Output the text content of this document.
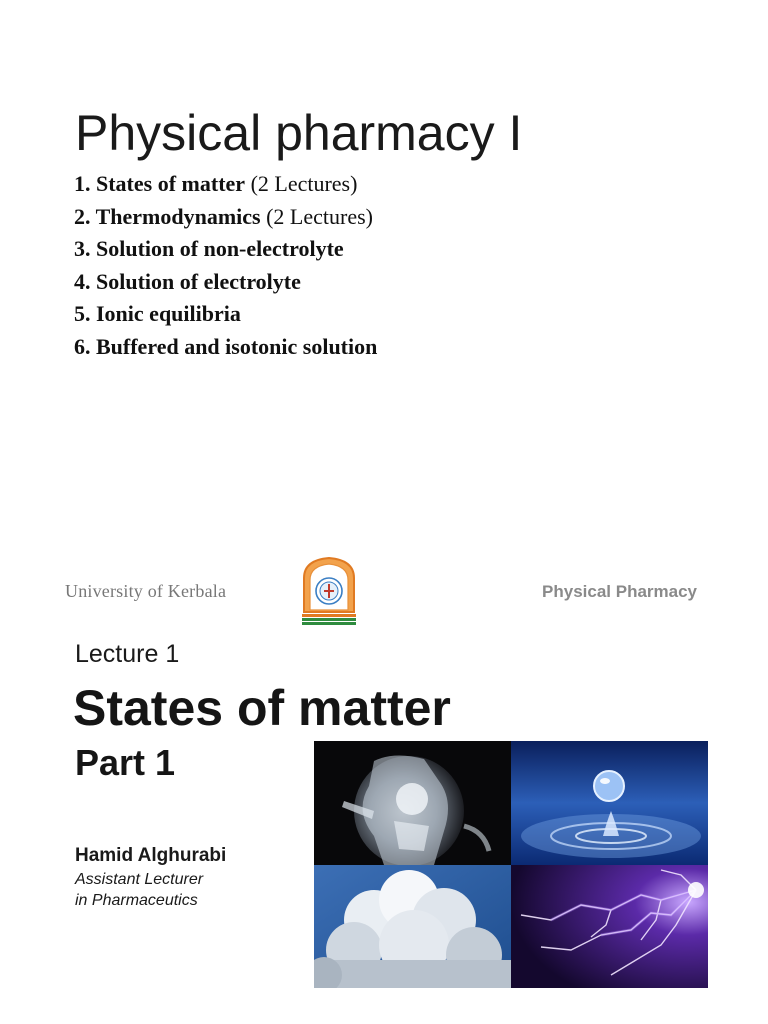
Physical pharmacy I
1. States of matter (2 Lectures)
2. Thermodynamics (2 Lectures)
3. Solution of non-electrolyte
4. Solution of electrolyte
5. Ionic equilibria
6. Buffered and isotonic solution
University of Kerbala	Physical Pharmacy
Lecture 1
States of matter
Part 1
Hamid Alghurabi
Assistant Lecturer
in Pharmaceutics
